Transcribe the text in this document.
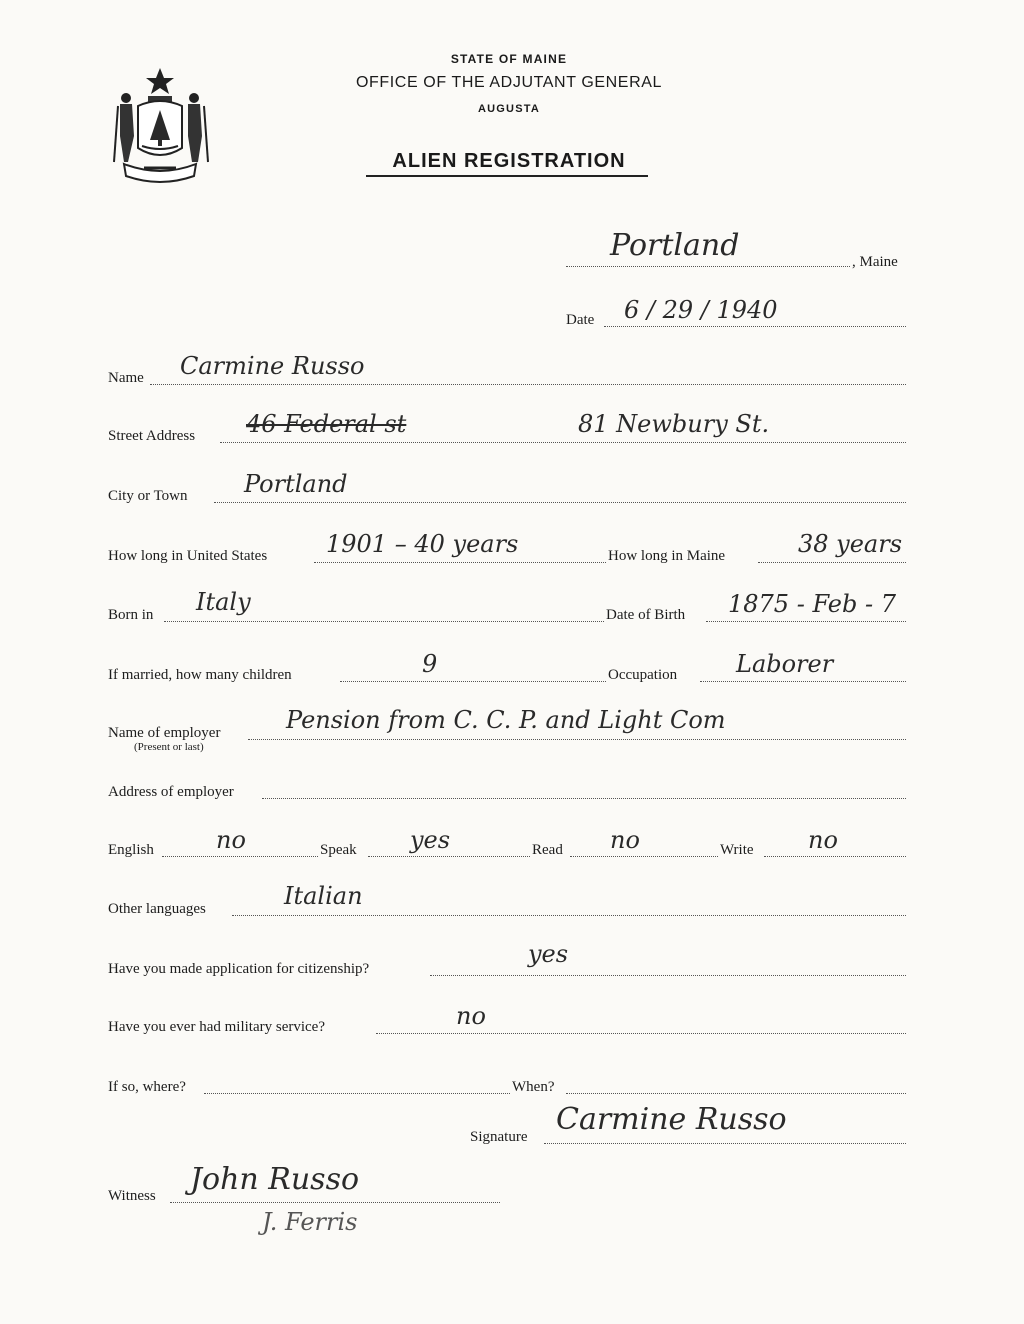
STATE OF MAINE
OFFICE OF THE ADJUTANT GENERAL
AUGUSTA
ALIEN REGISTRATION
Portland	, Maine
Date 6 / 29 / 1940
Name Carmine Russo
Street Address 46 Federal st	81 Newbury St.
City or Town Portland
How long in United States 1901 – 40 years	How long in Maine	38 years
Born in Italy	Date of Birth 1875 - Feb - 7
If married, how many children	9	Occupation Laborer
Name of employer
(Present or last)
Pension from C. C. P. and Light Com
Address of employer
English	no	Speak yes	Read no	Write no
Other languages	Italian
Have you made application for citizenship?
yes
Have you ever had military service?	no
If so, where?	When?
Signature Carmine Russo
Witness John Russo
J. Ferris
